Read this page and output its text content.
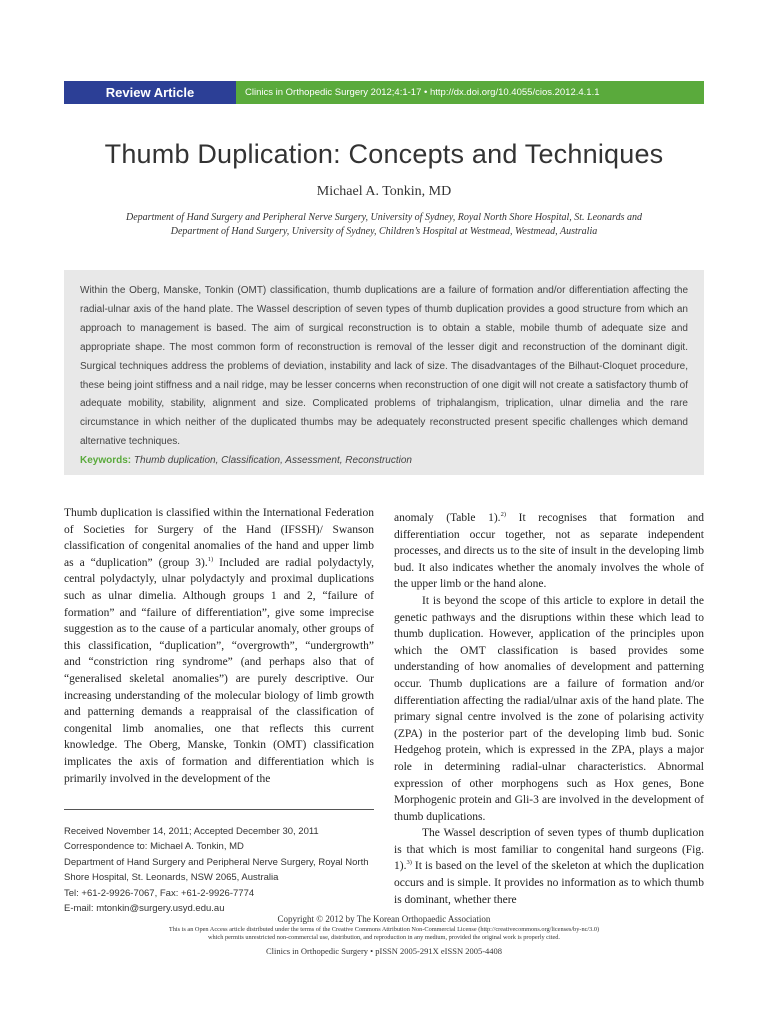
Review Article	Clinics in Orthopedic Surgery 2012;4:1-17 • http://dx.doi.org/10.4055/cios.2012.4.1.1
Thumb Duplication: Concepts and Techniques
Michael A. Tonkin, MD
Department of Hand Surgery and Peripheral Nerve Surgery, University of Sydney, Royal North Shore Hospital, St. Leonards and
Department of Hand Surgery, University of Sydney, Children’s Hospital at Westmead, Westmead, Australia
Within the Oberg, Manske, Tonkin (OMT) classification, thumb duplications are a failure of formation and/or differentiation affecting the radial-ulnar axis of the hand plate. The Wassel description of seven types of thumb duplication provides a good structure from which an approach to management is based. The aim of surgical reconstruction is to obtain a stable, mobile thumb of adequate size and appropriate shape. The most common form of reconstruction is removal of the lesser digit and reconstruction of the dominant digit. Surgical techniques address the problems of deviation, instability and lack of size. The disadvantages of the Bilhaut-Cloquet procedure, these being joint stiffness and a nail ridge, may be lesser concerns when reconstruction of one digit will not create a satisfactory thumb of adequate mobility, stability, alignment and size. Complicated problems of triphalangism, triplication, ulnar dimelia and the rare circumstance in which neither of the duplicated thumbs may be adequately reconstructed present specific challenges which demand alternative techniques.
Keywords: Thumb duplication, Classification, Assessment, Reconstruction

Thumb duplication is classified within the International Federation of Societies for Surgery of the Hand (IFSSH)/ Swanson classification of congenital anomalies of the hand and upper limb as a “duplication” (group 3).$^{1)}$ Included are radial polydactyly, central polydactyly, ulnar polydactyly and proximal duplications such as ulnar dimelia. Although groups 1 and 2, “failure of formation” and “failure of differentiation”, give some imprecise suggestion as to the cause of a particular anomaly, other groups of this classification, “duplication”, “overgrowth”, “undergrowth” and “constriction ring syndrome” (and perhaps also that of “generalised skeletal anomalies”) are purely descriptive. Our increasing understanding of the molecular biology of limb growth and patterning demands a reappraisal of the classification of congenital limb anomalies, one that reflects this current knowledge. The Oberg, Manske, Tonkin (OMT) classification implicates the axis of formation and differentiation which is primarily involved in the development of the

anomaly (Table 1).$^{2)}$ It recognises that formation and differentiation occur together, not as separate independent processes, and directs us to the site of insult in the developing limb bud. It also indicates whether the anomaly involves the whole of the upper limb or the hand alone.

It is beyond the scope of this article to explore in detail the genetic pathways and the disruptions within these which lead to thumb duplication. However, application of the principles upon which the OMT classification is based provides some understanding of how anomalies of development and patterning occur. Thumb duplications are a failure of formation and/or differentiation affecting the radial/ulnar axis of the hand plate. The primary signal centre involved is the zone of polarising activity (ZPA) in the posterior part of the developing limb bud. Sonic Hedgehog protein, which is expressed in the ZPA, plays a major role in determining radial-ulnar characteristics. Abnormal expression of other morphogens such as Hox genes, Bone Morphogenic protein and Gli-3 are involved in the development of thumb duplications.

The Wassel description of seven types of thumb duplication is that which is most familiar to congenital hand surgeons (Fig. 1).$^{3)}$ It is based on the level of the skeleton at which the duplication occurs and is simple. It provides no information as to which thumb is dominant, whether there

Received November 14, 2011; Accepted December 30, 2011
Correspondence to: Michael A. Tonkin, MD
Department of Hand Surgery and Peripheral Nerve Surgery, Royal North
Shore Hospital, St. Leonards, NSW 2065, Australia
Tel: +61-2-9926-7067, Fax: +61-2-9926-7774
E-mail: mtonkin@surgery.usyd.edu.au
Copyright © 2012 by The Korean Orthopaedic Association
This is an Open Access article distributed under the terms of the Creative Commons Attribution Non-Commercial License (http://creativecommons.org/licenses/by-nc/3.0)
which permits unrestricted non-commercial use, distribution, and reproduction in any medium, provided the original work is properly cited.
Clinics in Orthopedic Surgery • pISSN 2005-291X eISSN 2005-4408
